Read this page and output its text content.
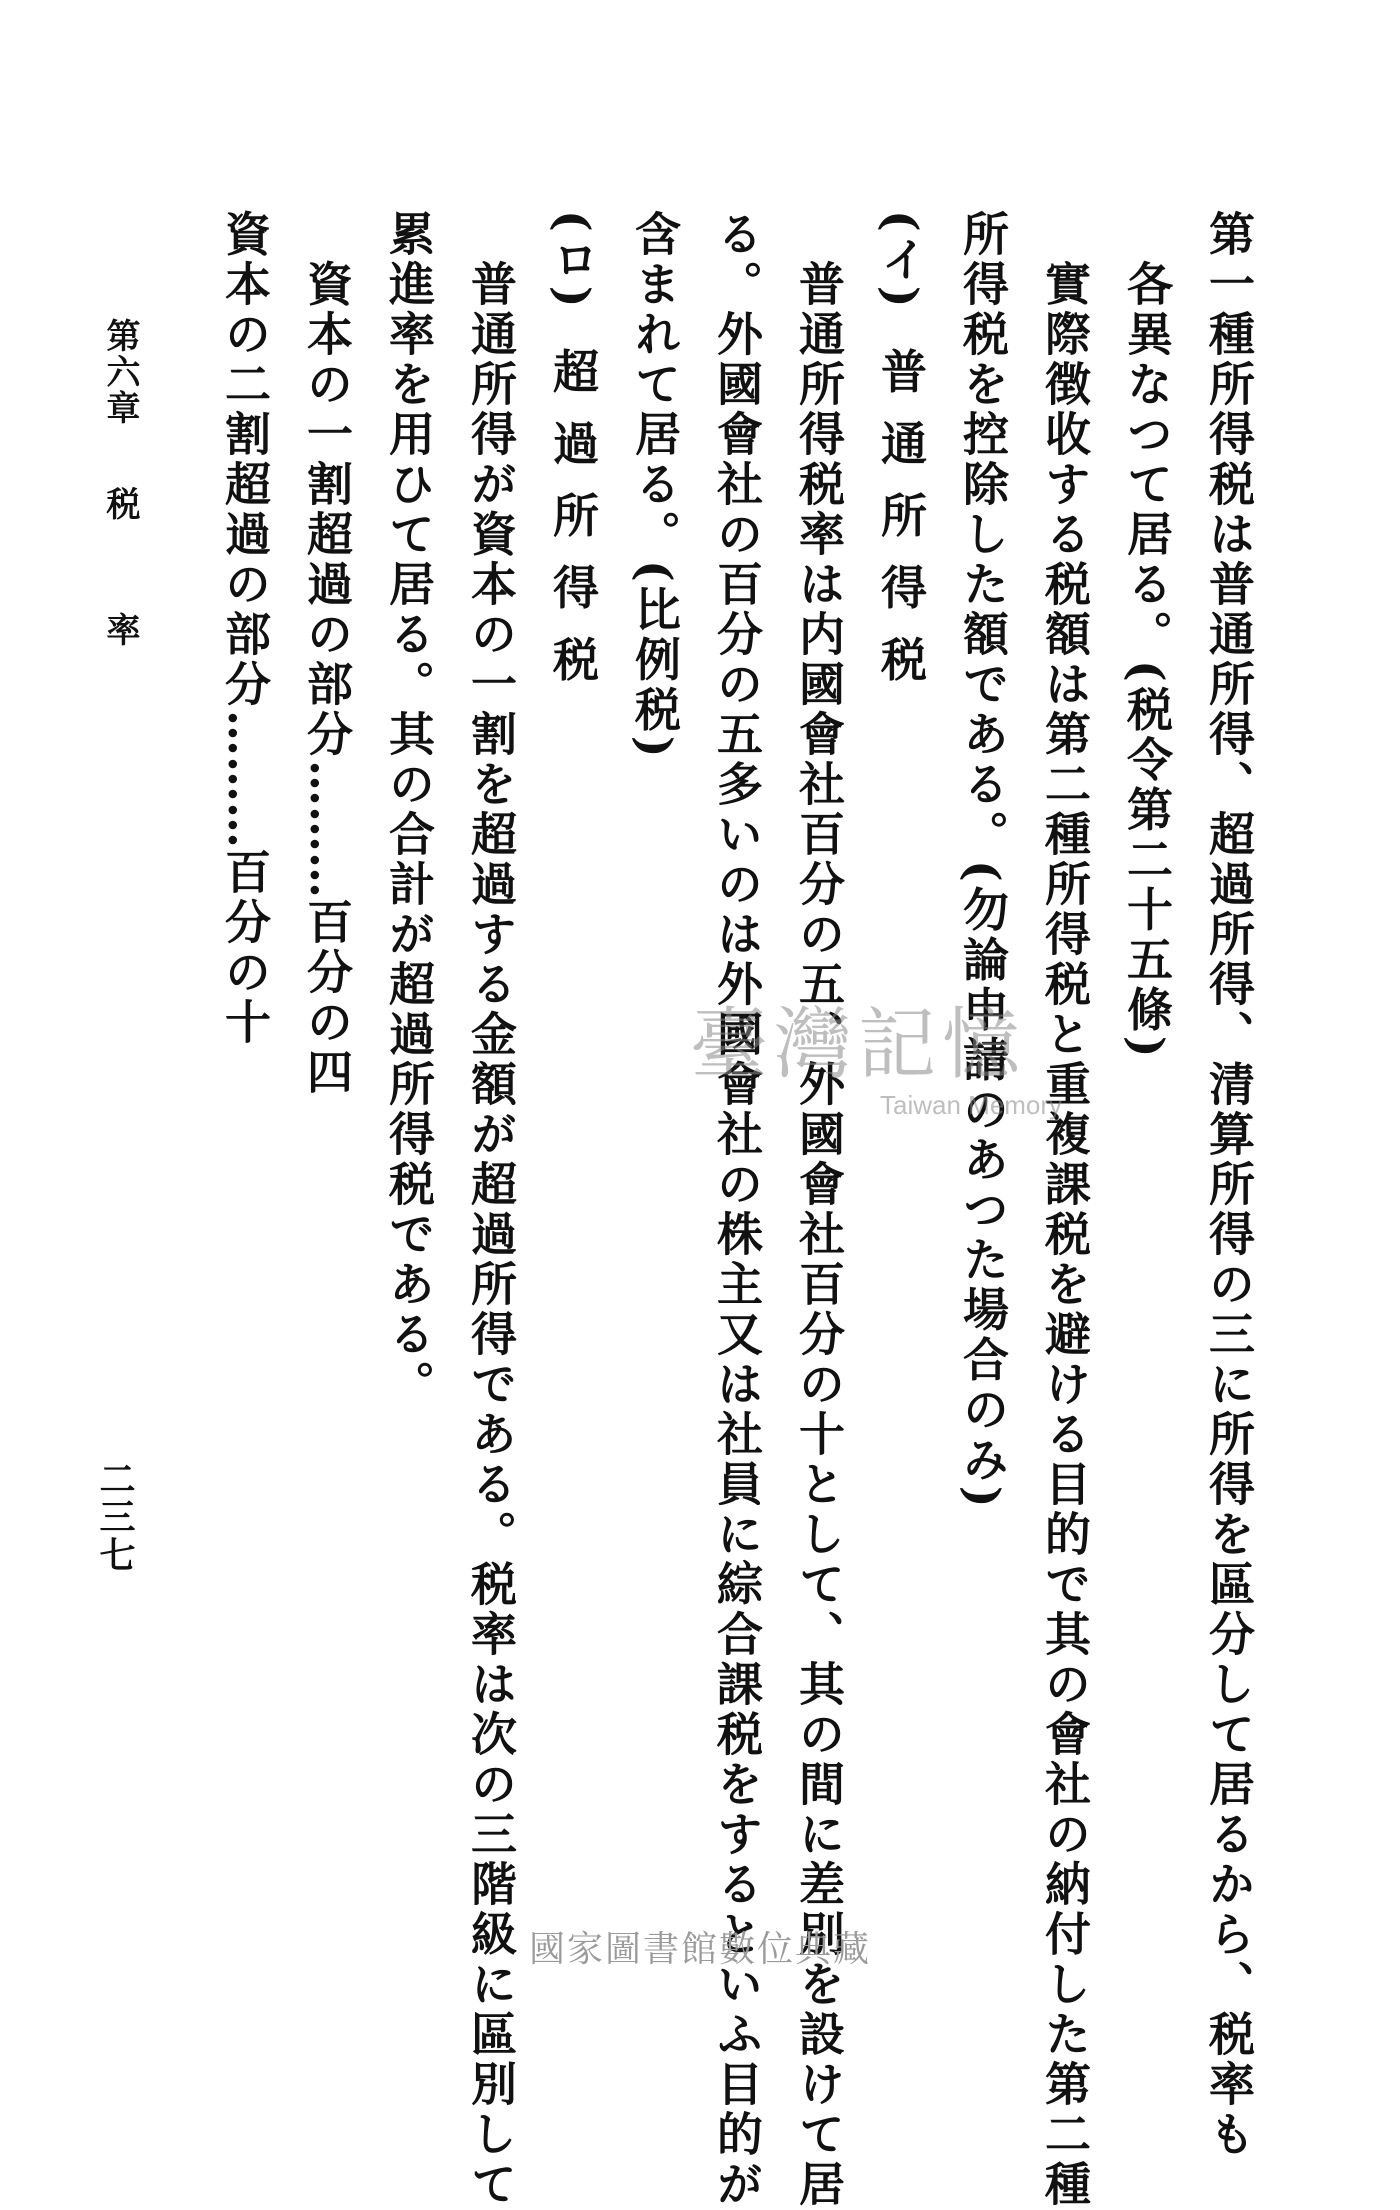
第一種所得税は普通所得、超過所得、清算所得の三に所得を區分して居るから、税率も
各異なつて居る。(税令第二十五條)
實際徴收する税額は第二種所得税と重複課税を避ける目的で其の會社の納付した第二種
所得税を控除した額である。(勿論申請のあつた場合のみ)
(イ)普通所得税
普通所得税率は内國會社百分の五、外國會社百分の十として、其の間に差別を設けて居
る。外國會社の百分の五多いのは外國會社の株主又は社員に綜合課税をするといふ目的が
含まれて居る。(比例税)
(ロ)超過所得税
普通所得が資本の一割を超過する金額が超過所得である。税率は次の三階級に區別して
累進率を用ひて居る。其の合計が超過所得税である。
資本の一割超過の部分………百分の四
資本の二割超過の部分………百分の十
第六章税率
二三七
臺灣記憶
Taiwan Memory
國家圖書館數位典藏
